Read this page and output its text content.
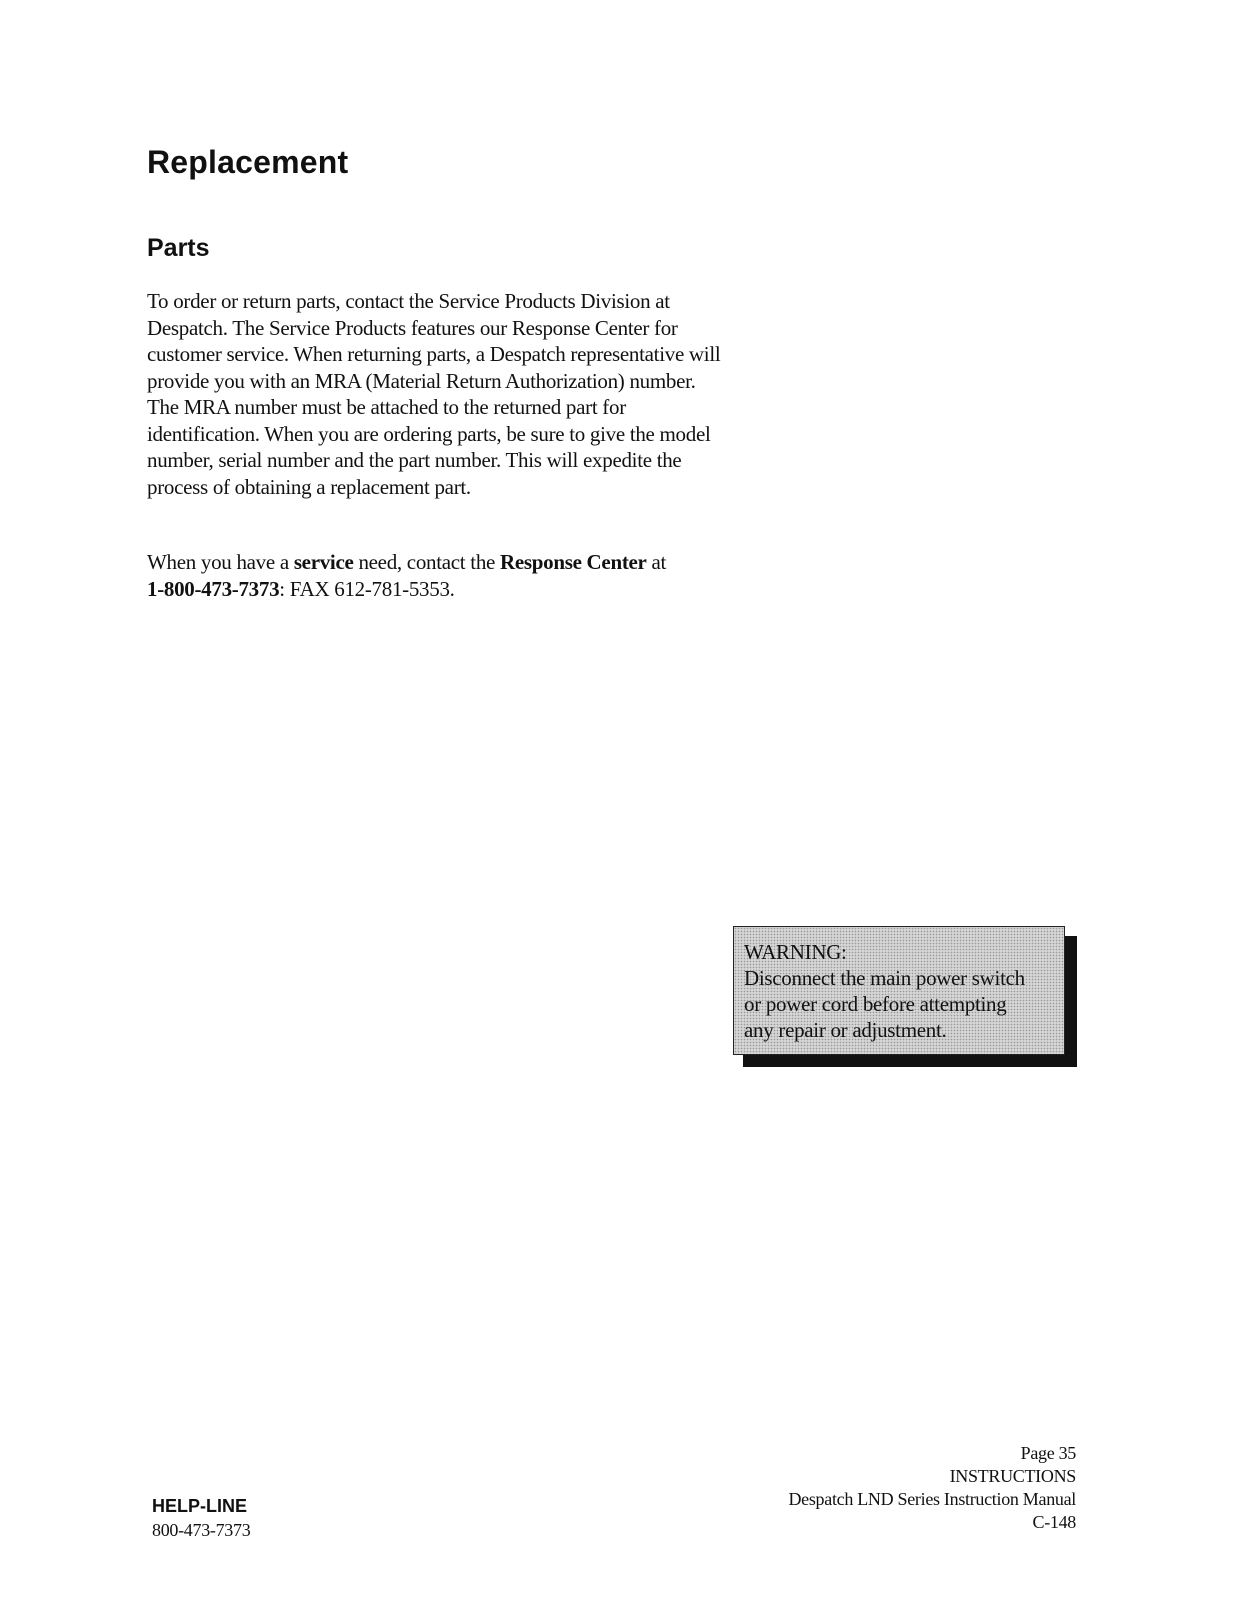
Replacement
Parts

To order or return parts, contact the Service Products Division at Despatch. The Service Products features our Response Center for customer service. When returning parts, a Despatch representative will provide you with an MRA (Material Return Authorization) number. The MRA number must be attached to the returned part for identification. When you are ordering parts, be sure to give the model number, serial number and the part number. This will expedite the process of obtaining a replacement part.

When you have a service need, contact the Response Center at
1-800-473-7373: FAX 612-781-5353.

WARNING:
Disconnect the main power switch
or power cord before attempting
any repair or adjustment.
HELP-LINE
800-473-7373
Page 35
INSTRUCTIONS
Despatch LND Series Instruction Manual
C-148
